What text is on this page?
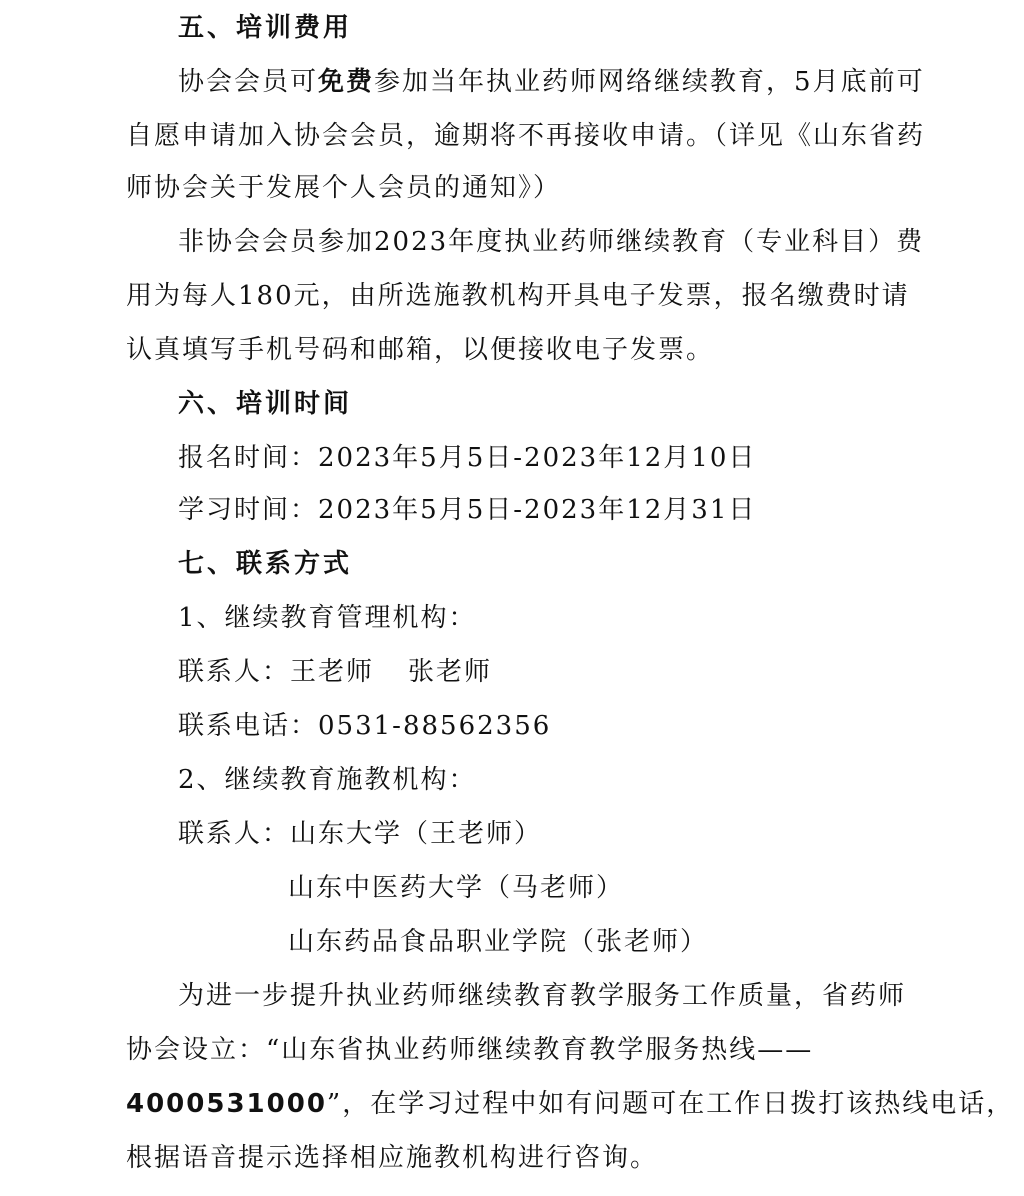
五、培训费用
协会会员可免费参加当年执业药师网络继续教育，5月底前可
自愿申请加入协会会员，逾期将不再接收申请。（详见《山东省药
师协会关于发展个人会员的通知》）
非协会会员参加2023年度执业药师继续教育（专业科目）费
用为每人180元，由所选施教机构开具电子发票，报名缴费时请
认真填写手机号码和邮箱，以便接收电子发票。
六、培训时间
报名时间：2023年5月5日-2023年12月10日
学习时间：2023年5月5日-2023年12月31日
七、联系方式
1、继续教育管理机构：
联系人：王老师 张老师
联系电话：0531-88562356
2、继续教育施教机构：
联系人：山东大学（王老师）
山东中医药大学（马老师）
山东药品食品职业学院（张老师）
为进一步提升执业药师继续教育教学服务工作质量，省药师
协会设立：“山东省执业药师继续教育教学服务热线——
4000531000”，在学习过程中如有问题可在工作日拨打该热线电话，
根据语音提示选择相应施教机构进行咨询。
